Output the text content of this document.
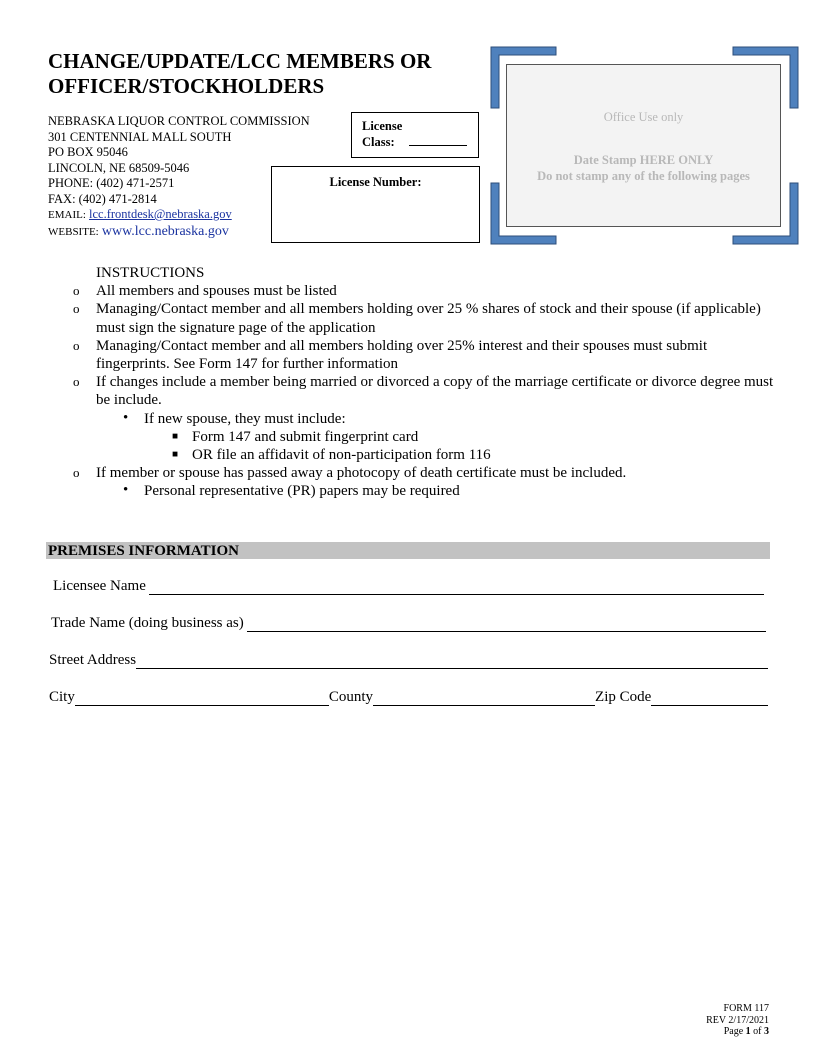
CHANGE/UPDATE/LCC MEMBERS OR
OFFICER/STOCKHOLDERS
NEBRASKA LIQUOR CONTROL COMMISSION
301 CENTENNIAL MALL SOUTH
PO BOX 95046
LINCOLN, NE 68509-5046
PHONE: (402) 471-2571
FAX: (402) 471-2814
EMAIL: lcc.frontdesk@nebraska.gov
WEBSITE: www.lcc.nebraska.gov
License
Class:
License Number:
Office Use only
Date Stamp HERE ONLY
Do not stamp any of the following pages
INSTRUCTIONS
o All members and spouses must be listed
o Managing/Contact member and all members holding over 25 % shares of stock and their spouse (if applicable) must sign the signature page of the application
o Managing/Contact member and all members holding over 25% interest and their spouses must submit fingerprints. See Form 147 for further information
o If changes include a member being married or divorced a copy of the marriage certificate or divorce degree must be include.
• If new spouse, they must include:
■ Form 147 and submit fingerprint card
■ OR file an affidavit of non-participation form 116
o If member or spouse has passed away a photocopy of death certificate must be included.
• Personal representative (PR) papers may be required
PREMISES INFORMATION
Licensee Name
Trade Name (doing business as)
Street Address
City	County	Zip Code
FORM 117
REV 2/17/2021
Page 1 of 3
